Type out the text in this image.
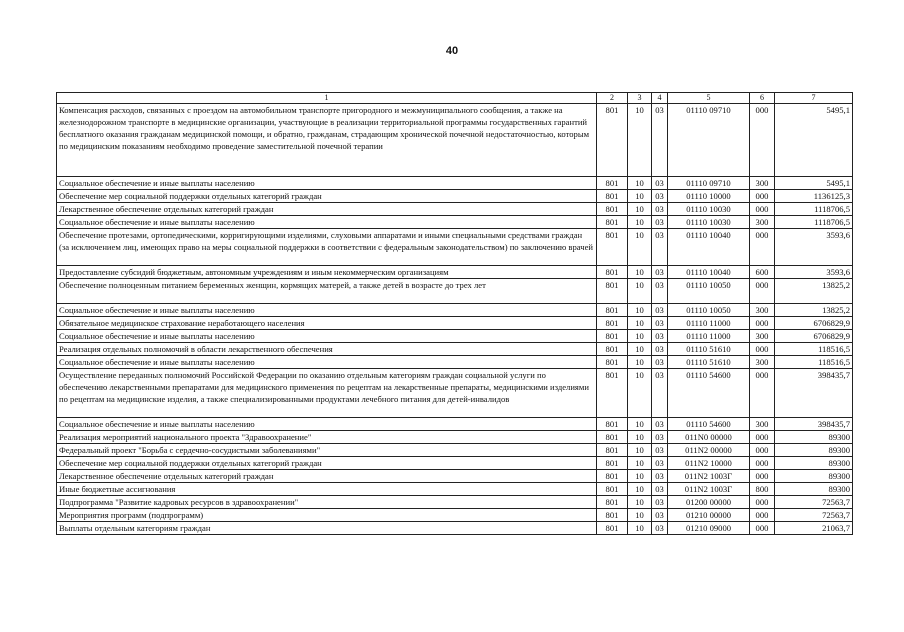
40
1	2	3	4	5	6	7
Компенсация расходов, связанных с проездом на автомобильном транспорте пригородного и межмуниципального сообщения, а также на железнодорожном транспорте в медицинские организации, участвующие в реализации территориальной программы государственных гарантий бесплатного оказания гражданам медицинской помощи, и обратно, гражданам, страдающим хронической почечной недостаточностью, которым по медицинским показаниям необходимо проведение заместительной почечной терапии	801	10	03	01110 09710	000	5495,1
Социальное обеспечение и иные выплаты населению	801	10	03	01110 09710	300	5495,1
Обеспечение мер социальной поддержки отдельных категорий граждан	801	10	03	01110 10000	000	1136125,3
Лекарственное обеспечение отдельных категорий граждан	801	10	03	01110 10030	000	1118706,5
Социальное обеспечение и иные выплаты населению	801	10	03	01110 10030	300	1118706,5
Обеспечение протезами, ортопедическими, корригирующими изделиями, слуховыми аппаратами и иными специальными средствами граждан (за исключением лиц, имеющих право на меры социальной поддержки в соответствии с федеральным законодательством) по заключению врачей	801	10	03	01110 10040	000	3593,6
Предоставление субсидий бюджетным, автономным учреждениям и иным некоммерческим организациям	801	10	03	01110 10040	600	3593,6
Обеспечение полноценным питанием беременных женщин, кормящих матерей, а также детей в возрасте до трех лет	801	10	03	01110 10050	000	13825,2
Социальное обеспечение и иные выплаты населению	801	10	03	01110 10050	300	13825,2
Обязательное медицинское страхование неработающего населения	801	10	03	01110 11000	000	6706829,9
Социальное обеспечение и иные выплаты населению	801	10	03	01110 11000	300	6706829,9
Реализация отдельных полномочий в области лекарственного обеспечения	801	10	03	01110 51610	000	118516,5
Социальное обеспечение и иные выплаты населению	801	10	03	01110 51610	300	118516,5
Осуществление переданных полномочий Российской Федерации по оказанию отдельным категориям граждан социальной услуги по обеспечению лекарственными препаратами для медицинского применения по рецептам на лекарственные препараты, медицинскими изделиями по рецептам на медицинские изделия, а также специализированными продуктами лечебного питания для детей-инвалидов	801	10	03	01110 54600	000	398435,7
Социальное обеспечение и иные выплаты населению	801	10	03	01110 54600	300	398435,7
Реализация мероприятий национального проекта "Здравоохранение"	801	10	03	011N0 00000	000	89300
Федеральный проект "Борьба с сердечно-сосудистыми заболеваниями"	801	10	03	011N2 00000	000	89300
Обеспечение мер социальной поддержки отдельных категорий граждан	801	10	03	011N2 10000	000	89300
Лекарственное обеспечение отдельных категорий граждан	801	10	03	011N2 1003Г	000	89300
Иные бюджетные ассигнования	801	10	03	011N2 1003Г	800	89300
Подпрограмма "Развитие кадровых ресурсов в здравоохранении"	801	10	03	01200 00000	000	72563,7
Мероприятия программ (подпрограмм)	801	10	03	01210 00000	000	72563,7
Выплаты отдельным категориям граждан	801	10	03	01210 09000	000	21063,7
